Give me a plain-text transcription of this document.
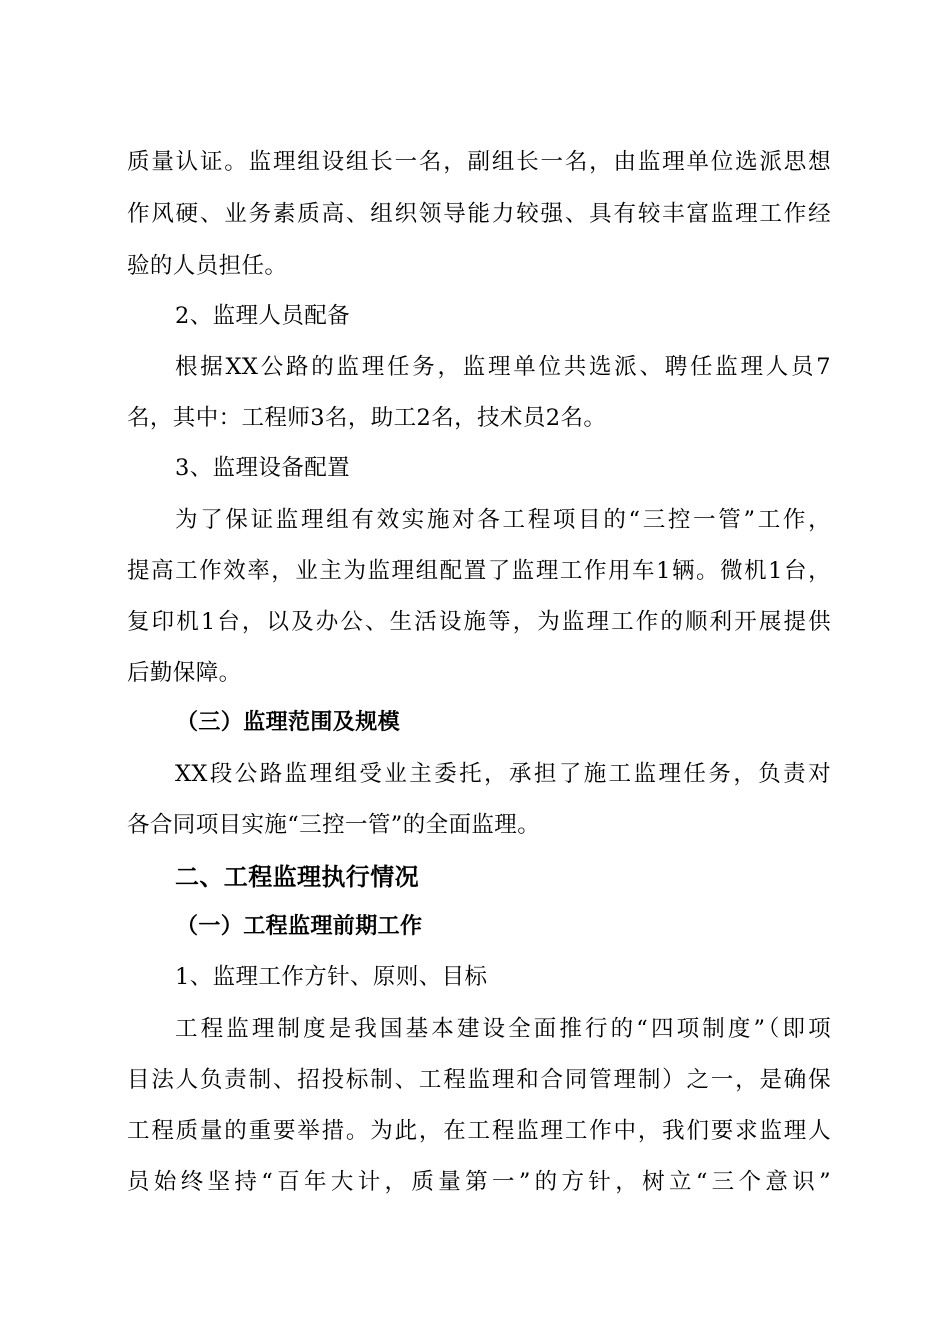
质量认证。监理组设组长一名，副组长一名，由监理单位选派思想

作风硬、业务素质高、组织领导能力较强、具有较丰富监理工作经

验的人员担任。

2、监理人员配备

根据XX公路的监理任务，监理单位共选派、聘任监理人员7

名，其中：工程师3名，助工2名，技术员2名。

3、监理设备配置

为了保证监理组有效实施对各工程项目的“三控一管”工作，

提高工作效率，业主为监理组配置了监理工作用车1辆。微机1台，

复印机1台，以及办公、生活设施等，为监理工作的顺利开展提供

后勤保障。

（三）监理范围及规模

XX段公路监理组受业主委托，承担了施工监理任务，负责对

各合同项目实施“三控一管”的全面监理。

二、工程监理执行情况

（一）工程监理前期工作

1、监理工作方针、原则、目标

工程监理制度是我国基本建设全面推行的“四项制度”（即项

目法人负责制、招投标制、工程监理和合同管理制）之一，是确保

工程质量的重要举措。为此，在工程监理工作中，我们要求监理人

员始终坚持“百年大计，质量第一”的方针，树立“三个意识”
